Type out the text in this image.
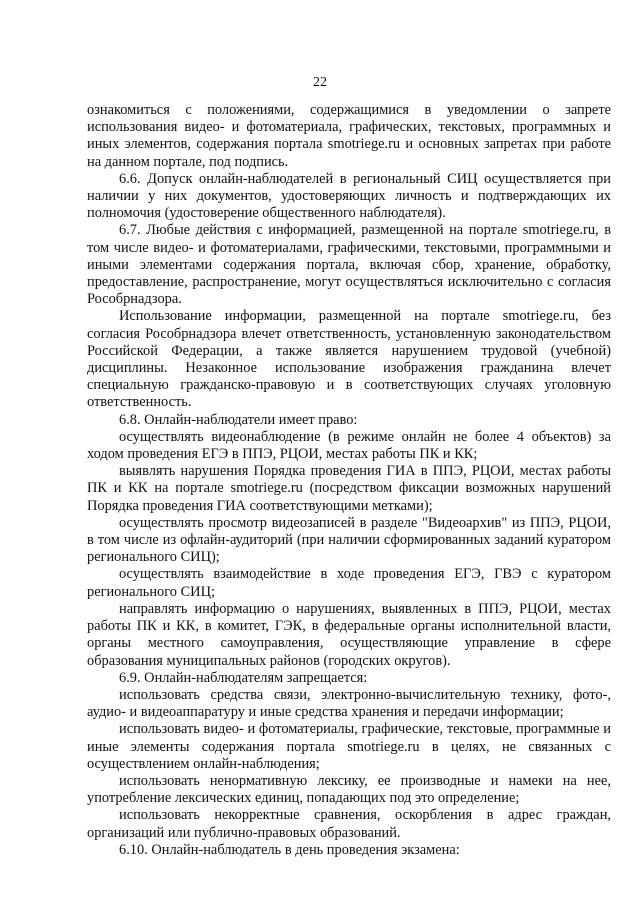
22

ознакомиться с положениями, содержащимися в уведомлении о запрете использования видео- и фотоматериала, графических, текстовых, программных и иных элементов, содержания портала smotriege.ru и основных запретах при работе на данном портале, под подпись.

6.6. Допуск онлайн-наблюдателей в региональный СИЦ осуществляется при наличии у них документов, удостоверяющих личность и подтверждающих их полномочия (удостоверение общественного наблюдателя).

6.7. Любые действия с информацией, размещенной на портале smotriege.ru, в том числе видео- и фотоматериалами, графическими, текстовыми, программными и иными элементами содержания портала, включая сбор, хранение, обработку, предоставление, распространение, могут осуществляться исключительно с согласия Рособрнадзора.

Использование информации, размещенной на портале smotriege.ru, без согласия Рособрнадзора влечет ответственность, установленную законодательством Российской Федерации, а также является нарушением трудовой (учебной) дисциплины. Незаконное использование изображения гражданина влечет специальную гражданско-правовую и в соответствующих случаях уголовную ответственность.

6.8. Онлайн-наблюдатели имеет право:

осуществлять видеонаблюдение (в режиме онлайн не более 4 объектов) за ходом проведения ЕГЭ в ППЭ, РЦОИ, местах работы ПК и КК;

выявлять нарушения Порядка проведения ГИА в ППЭ, РЦОИ, местах работы ПК и КК на портале smotriege.ru (посредством фиксации возможных нарушений Порядка проведения ГИА соответствующими метками);

осуществлять просмотр видеозаписей в разделе "Видеоархив" из ППЭ, РЦОИ, в том числе из офлайн-аудиторий (при наличии сформированных заданий куратором регионального СИЦ);

осуществлять взаимодействие в ходе проведения ЕГЭ, ГВЭ с куратором регионального СИЦ;

направлять информацию о нарушениях, выявленных в ППЭ, РЦОИ, местах работы ПК и КК, в комитет, ГЭК, в федеральные органы исполнительной власти, органы местного самоуправления, осуществляющие управление в сфере образования муниципальных районов (городских округов).

6.9. Онлайн-наблюдателям запрещается:

использовать средства связи, электронно-вычислительную технику, фото-, аудио- и видеоаппаратуру и иные средства хранения и передачи информации;

использовать видео- и фотоматериалы, графические, текстовые, программные и иные элементы содержания портала smotriege.ru в целях, не связанных с осуществлением онлайн-наблюдения;

использовать ненормативную лексику, ее производные и намеки на нее, употребление лексических единиц, попадающих под это определение;

использовать некорректные сравнения, оскорбления в адрес граждан, организаций или публично-правовых образований.

6.10. Онлайн-наблюдатель в день проведения экзамена:
